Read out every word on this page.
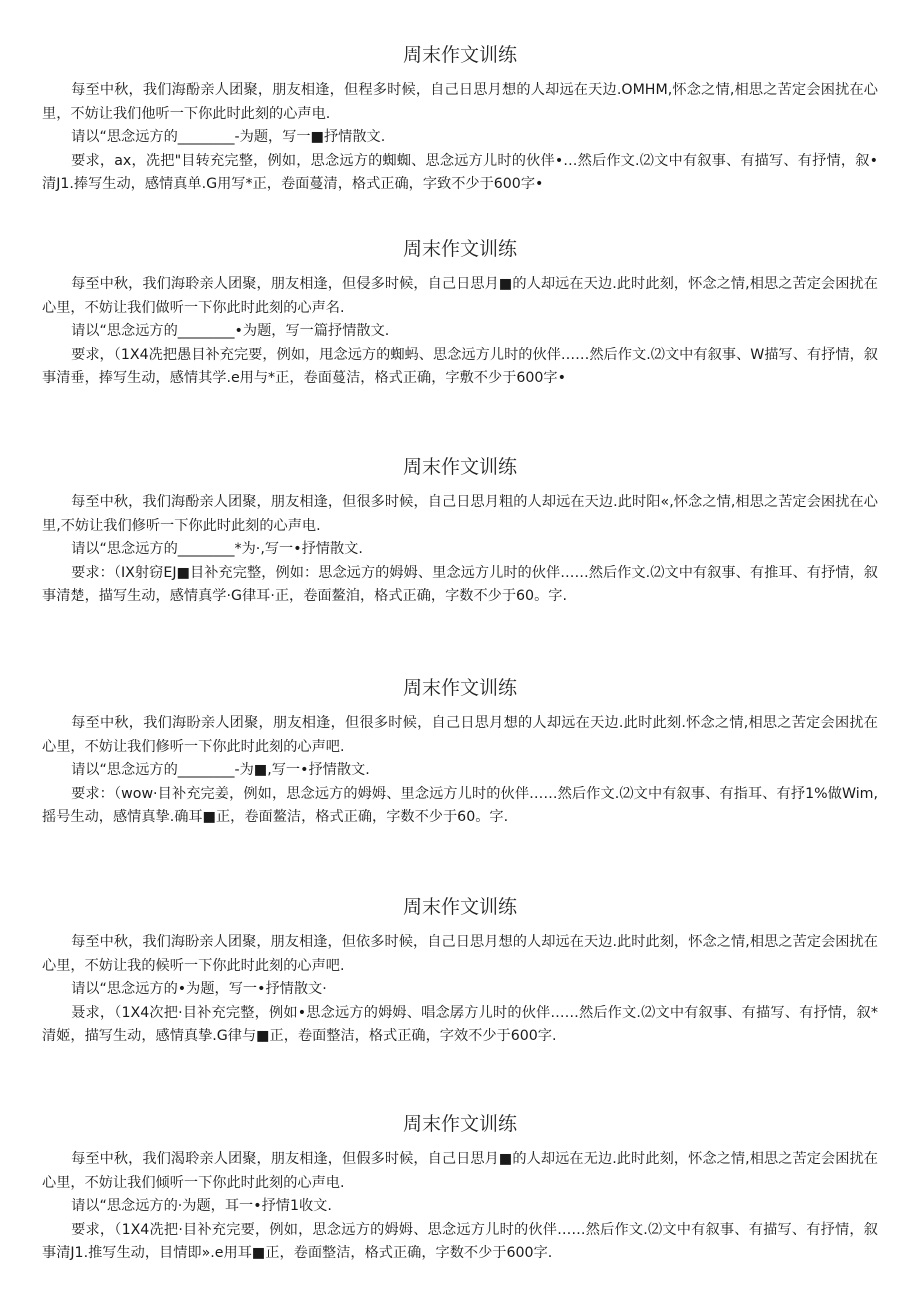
周末作文训练

每至中秋，我们海酚亲人团聚，朋友相逢，但程多时候，自己日思月想的人却远在天边.OMHM,怀念之情,相思之苦定会困扰在心里，不妨让我们他听一下你此时此刻的心声电.

请以“思念远方的________-为题，写一■抒情散文.

要求，ax，冼把"目转充完整，例如，思念远方的蜘蜘、思念远方儿时的伙伴•…然后作文.⑵文中有叙事、有描写、有抒情，叙•清J1.捧写生动，感情真单.G用写*正，卷面蔓清，格式正确，字致不少于600字•

周末作文训练

每至中秋，我们海聆亲人团聚，朋友相逢，但侵多时候，自己日思月■的人却远在天边.此时此刻，怀念之情,相思之苦定会困扰在心里，不妨让我们做听一下你此时此刻的心声名.

请以“思念远方的________•为题，写一篇抒情散文.

要求，（1X4冼把愚目补充完要，例如，甩念远方的蜘蚂、思念远方儿时的伙伴……然后作文.⑵文中有叙事、W描写、有抒情，叙事清垂，捧写生动，感情其学.e用与*正，卷面蔓洁，格式正确，字敷不少于600字•

周末作文训练

每至中秋，我们海酚亲人团聚，朋友相逢，但很多时候，自己日思月粗的人却远在天边.此时阳«,怀念之情,相思之苦定会困扰在心里,不妨让我们修听一下你此时此刻的心声电.

请以“思念远方的________*为·,写一•抒情散文.

要求：（IX射窃EJ■目补充完整，例如：思念远方的姆姆、里念远方儿时的伙伴……然后作文.⑵文中有叙事、有推耳、有抒情，叙事清楚，描写生动，感情真学·G律耳·正，卷面鳌洎，格式正确，字数不少于60。字.

周末作文训练

每至中秋，我们海盼亲人团聚，朋友相逢，但很多时候，自己日思月想的人却远在天边.此时此刻.怀念之情,相思之苦定会困扰在心里，不妨让我们修听一下你此时此刻的心声吧.

请以“思念远方的________-为■,写一•抒情散文.

要求：（wow·目补充完姜，例如，思念远方的姆姆、里念远方儿时的伙伴……然后作文.⑵文中有叙事、有指耳、有抒1%做Wim,摇号生动，感情真挚.确耳■正，卷面鳌洁，格式正确，字数不少于60。字.

周末作文训练

每至中秋，我们海盼亲人团聚，朋友相逢，但依多时候，自己日思月想的人却远在天边.此时此刻，怀念之情,相思之苦定会困扰在心里，不妨让我的候听一下你此时此刻的心声吧.

请以“思念远方的•为题，写一•抒情散文·

聂求，（1X4次把·目补充完整，例如•思念远方的姆姆、唱念孱方儿时的伙伴……然后作文.⑵文中有叙事、有描写、有抒情，叙*清姬，描写生动，感情真挚.G律与■正，卷面整洁，格式正确，字效不少于600字.

周末作文训练

每至中秋，我们渴聆亲人团聚，朋友相逢，但假多时候，自己日思月■的人却远在无边.此时此刻，怀念之情,相思之苦定会困扰在心里，不妨让我们倾听一下你此时此刻的心声电.

请以“思念远方的·为题，耳一•抒情1收文.

要求，（1X4冼把·目补充完要，例如，思念远方的姆姆、思念远方儿时的伙伴……然后作文.⑵文中有叙事、有描写、有抒情，叙事清J1.推写生动，目情即».e用耳■正，卷面整洁，格式正确，字数不少于600字.
